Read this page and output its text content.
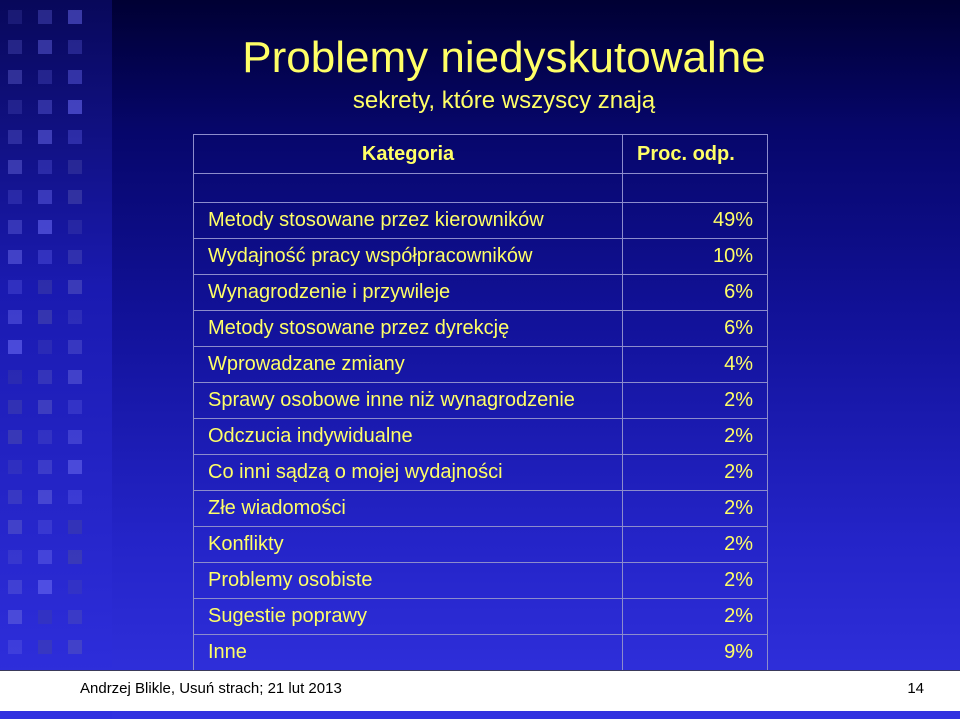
Problemy niedyskutowalne
sekrety, które wszyscy znają
Kategoria	Proc. odp.

Metody stosowane przez kierowników	49%
Wydajność pracy współpracowników	10%
Wynagrodzenie i przywileje	6%
Metody stosowane przez dyrekcję	6%
Wprowadzane zmiany	4%
Sprawy osobowe inne niż wynagrodzenie	2%
Odczucia indywidualne	2%
Co inni sądzą o mojej wydajności	2%
Złe wiadomości	2%
Konflikty	2%
Problemy osobiste	2%
Sugestie poprawy	2%
Inne	9%
Andrzej Blikle, Usuń strach; 21 lut 2013	14
